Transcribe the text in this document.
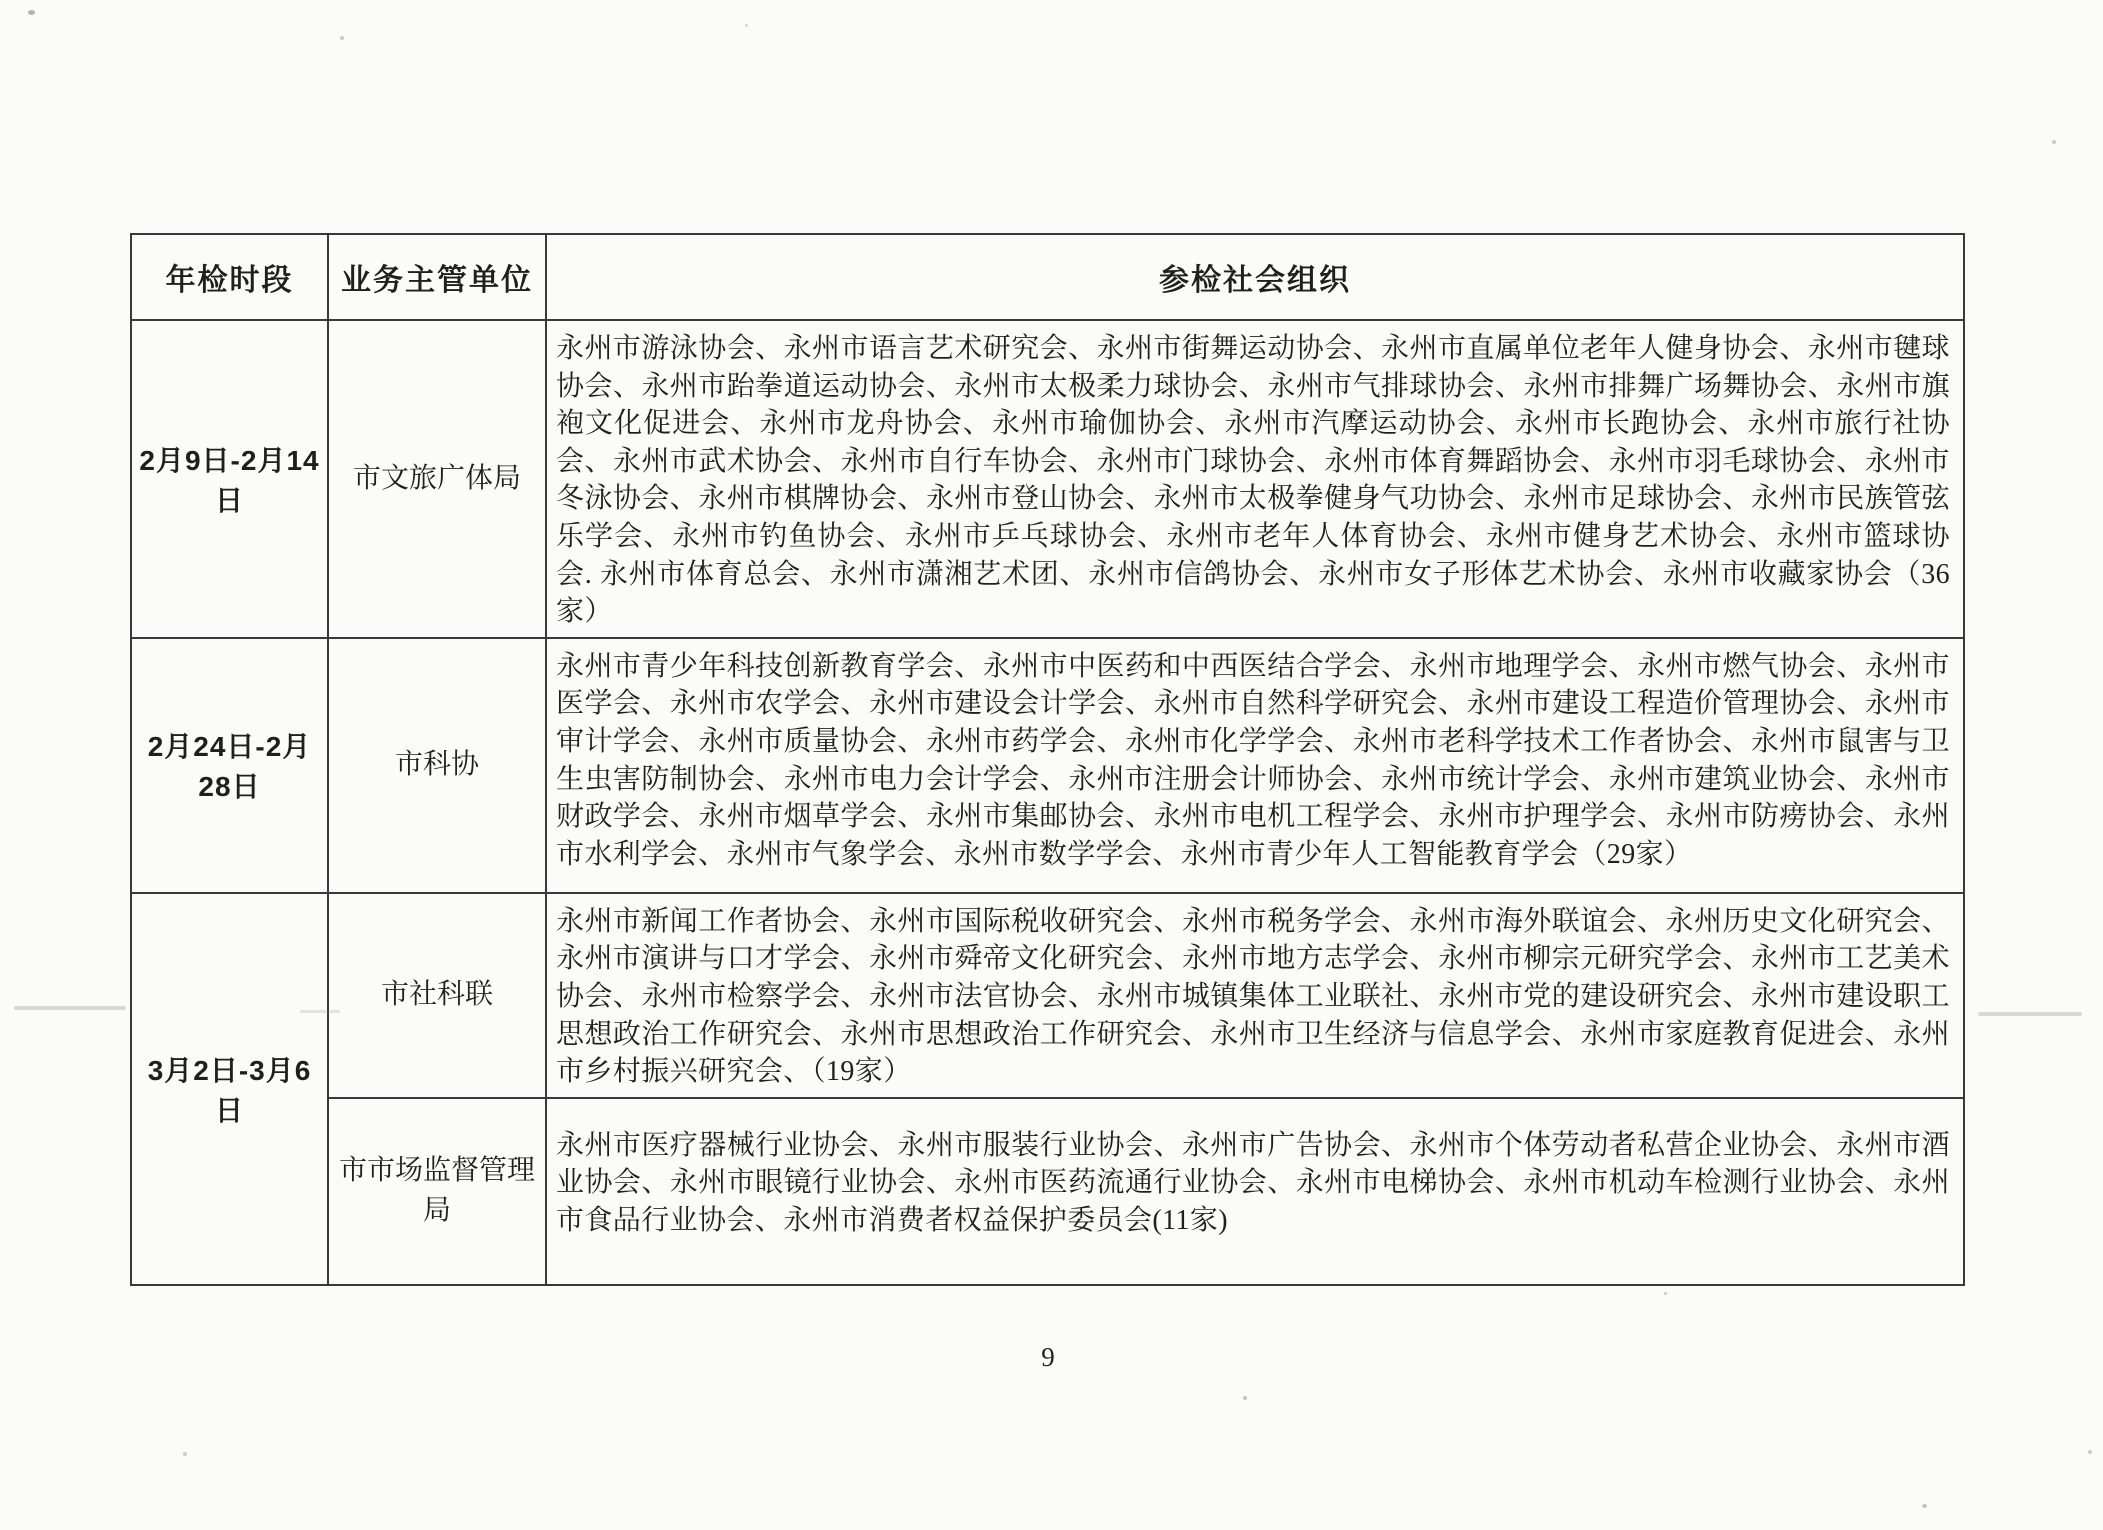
年检时段	业务主管单位	参检社会组织
2月9日-2月14日	市文旅广体局	永州市游泳协会、永州市语言艺术研究会、永州市街舞运动协会、永州市直属单位老年人健身协会、永州市毽球协会、永州市跆拳道运动协会、永州市太极柔力球协会、永州市气排球协会、永州市排舞广场舞协会、永州市旗袍文化促进会、永州市龙舟协会、永州市瑜伽协会、永州市汽摩运动协会、永州市长跑协会、永州市旅行社协会、永州市武术协会、永州市自行车协会、永州市门球协会、永州市体育舞蹈协会、永州市羽毛球协会、永州市冬泳协会、永州市棋牌协会、永州市登山协会、永州市太极拳健身气功协会、永州市足球协会、永州市民族管弦乐学会、永州市钓鱼协会、永州市乒乓球协会、永州市老年人体育协会、永州市健身艺术协会、永州市篮球协会. 永州市体育总会、永州市潇湘艺术团、永州市信鸽协会、永州市女子形体艺术协会、永州市收藏家协会（36家）
2月24日-2月28日	市科协	永州市青少年科技创新教育学会、永州市中医药和中西医结合学会、永州市地理学会、永州市燃气协会、永州市医学会、永州市农学会、永州市建设会计学会、永州市自然科学研究会、永州市建设工程造价管理协会、永州市审计学会、永州市质量协会、永州市药学会、永州市化学学会、永州市老科学技术工作者协会、永州市鼠害与卫生虫害防制协会、永州市电力会计学会、永州市注册会计师协会、永州市统计学会、永州市建筑业协会、永州市财政学会、永州市烟草学会、永州市集邮协会、永州市电机工程学会、永州市护理学会、永州市防痨协会、永州市水利学会、永州市气象学会、永州市数学学会、永州市青少年人工智能教育学会（29家）
3月2日-3月6日	市社科联	永州市新闻工作者协会、永州市国际税收研究会、永州市税务学会、永州市海外联谊会、永州历史文化研究会、永州市演讲与口才学会、永州市舜帝文化研究会、永州市地方志学会、永州市柳宗元研究学会、永州市工艺美术协会、永州市检察学会、永州市法官协会、永州市城镇集体工业联社、永州市党的建设研究会、永州市建设职工思想政治工作研究会、永州市思想政治工作研究会、永州市卫生经济与信息学会、永州市家庭教育促进会、永州市乡村振兴研究会、（19家）
	市市场监督管理局	永州市医疗器械行业协会、永州市服装行业协会、永州市广告协会、永州市个体劳动者私营企业协会、永州市酒业协会、永州市眼镜行业协会、永州市医药流通行业协会、永州市电梯协会、永州市机动车检测行业协会、永州市食品行业协会、永州市消费者权益保护委员会(11家)
9
